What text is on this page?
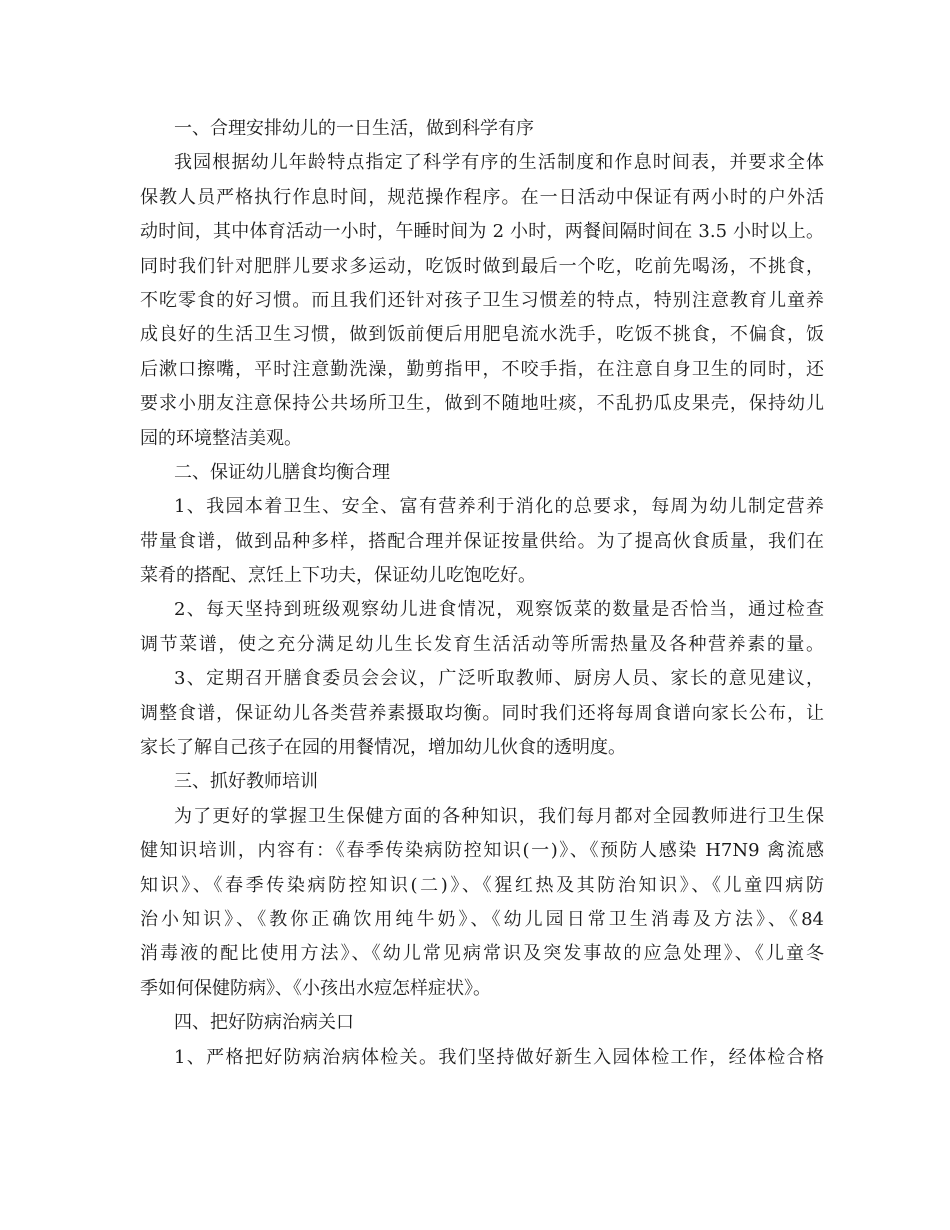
一、合理安排幼儿的一日生活，做到科学有序
我园根据幼儿年龄特点指定了科学有序的生活制度和作息时间表，并要求全体
保教人员严格执行作息时间，规范操作程序。在一日活动中保证有两小时的户外活
动时间，其中体育活动一小时，午睡时间为 2 小时，两餐间隔时间在 3.5 小时以上。
同时我们针对肥胖儿要求多运动，吃饭时做到最后一个吃，吃前先喝汤，不挑食，
不吃零食的好习惯。而且我们还针对孩子卫生习惯差的特点，特别注意教育儿童养
成良好的生活卫生习惯，做到饭前便后用肥皂流水洗手，吃饭不挑食，不偏食，饭
后漱口擦嘴，平时注意勤洗澡，勤剪指甲，不咬手指，在注意自身卫生的同时，还
要求小朋友注意保持公共场所卫生，做到不随地吐痰，不乱扔瓜皮果壳，保持幼儿
园的环境整洁美观。
二、保证幼儿膳食均衡合理
1、我园本着卫生、安全、富有营养利于消化的总要求，每周为幼儿制定营养
带量食谱，做到品种多样，搭配合理并保证按量供给。为了提高伙食质量，我们在
菜肴的搭配、烹饪上下功夫，保证幼儿吃饱吃好。
2、每天坚持到班级观察幼儿进食情况，观察饭菜的数量是否恰当，通过检查
调节菜谱，使之充分满足幼儿生长发育生活活动等所需热量及各种营养素的量。
3、定期召开膳食委员会会议，广泛听取教师、厨房人员、家长的意见建议，
调整食谱，保证幼儿各类营养素摄取均衡。同时我们还将每周食谱向家长公布，让
家长了解自己孩子在园的用餐情况，增加幼儿伙食的透明度。
三、抓好教师培训
为了更好的掌握卫生保健方面的各种知识，我们每月都对全园教师进行卫生保
健知识培训，内容有：《春季传染病防控知识(一)》、《预防人感染 H7N9 禽流感
知识》、《春季传染病防控知识(二)》、《猩红热及其防治知识》、《儿童四病防
治小知识》、《教你正确饮用纯牛奶》、《幼儿园日常卫生消毒及方法》、《84
消毒液的配比使用方法》、《幼儿常见病常识及突发事故的应急处理》、《儿童冬
季如何保健防病》、《小孩出水痘怎样症状》。
四、把好防病治病关口
1、严格把好防病治病体检关。我们坚持做好新生入园体检工作，经体检合格
